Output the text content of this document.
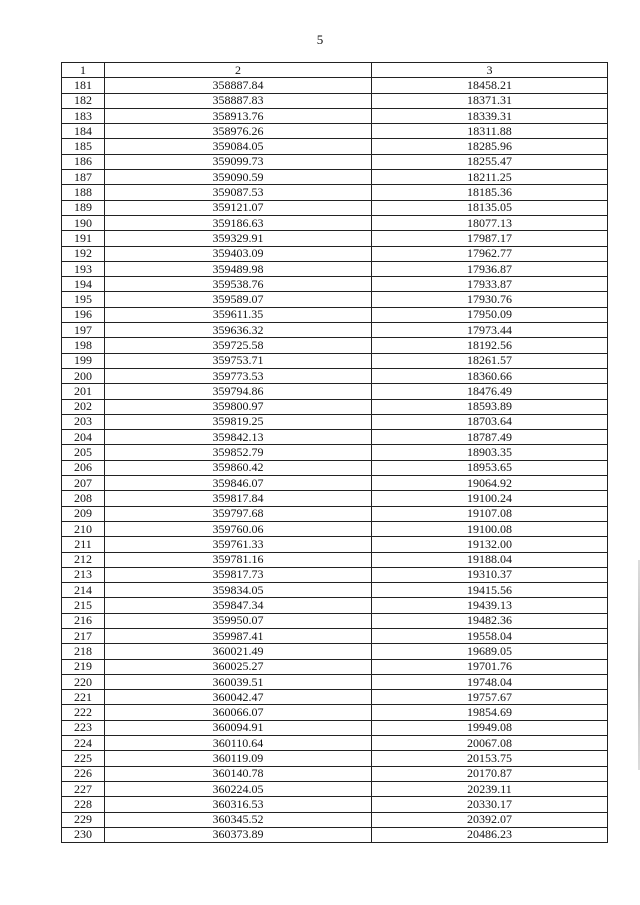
5
1	2	3
181	358887.84	18458.21
182	358887.83	18371.31
183	358913.76	18339.31
184	358976.26	18311.88
185	359084.05	18285.96
186	359099.73	18255.47
187	359090.59	18211.25
188	359087.53	18185.36
189	359121.07	18135.05
190	359186.63	18077.13
191	359329.91	17987.17
192	359403.09	17962.77
193	359489.98	17936.87
194	359538.76	17933.87
195	359589.07	17930.76
196	359611.35	17950.09
197	359636.32	17973.44
198	359725.58	18192.56
199	359753.71	18261.57
200	359773.53	18360.66
201	359794.86	18476.49
202	359800.97	18593.89
203	359819.25	18703.64
204	359842.13	18787.49
205	359852.79	18903.35
206	359860.42	18953.65
207	359846.07	19064.92
208	359817.84	19100.24
209	359797.68	19107.08
210	359760.06	19100.08
211	359761.33	19132.00
212	359781.16	19188.04
213	359817.73	19310.37
214	359834.05	19415.56
215	359847.34	19439.13
216	359950.07	19482.36
217	359987.41	19558.04
218	360021.49	19689.05
219	360025.27	19701.76
220	360039.51	19748.04
221	360042.47	19757.67
222	360066.07	19854.69
223	360094.91	19949.08
224	360110.64	20067.08
225	360119.09	20153.75
226	360140.78	20170.87
227	360224.05	20239.11
228	360316.53	20330.17
229	360345.52	20392.07
230	360373.89	20486.23
